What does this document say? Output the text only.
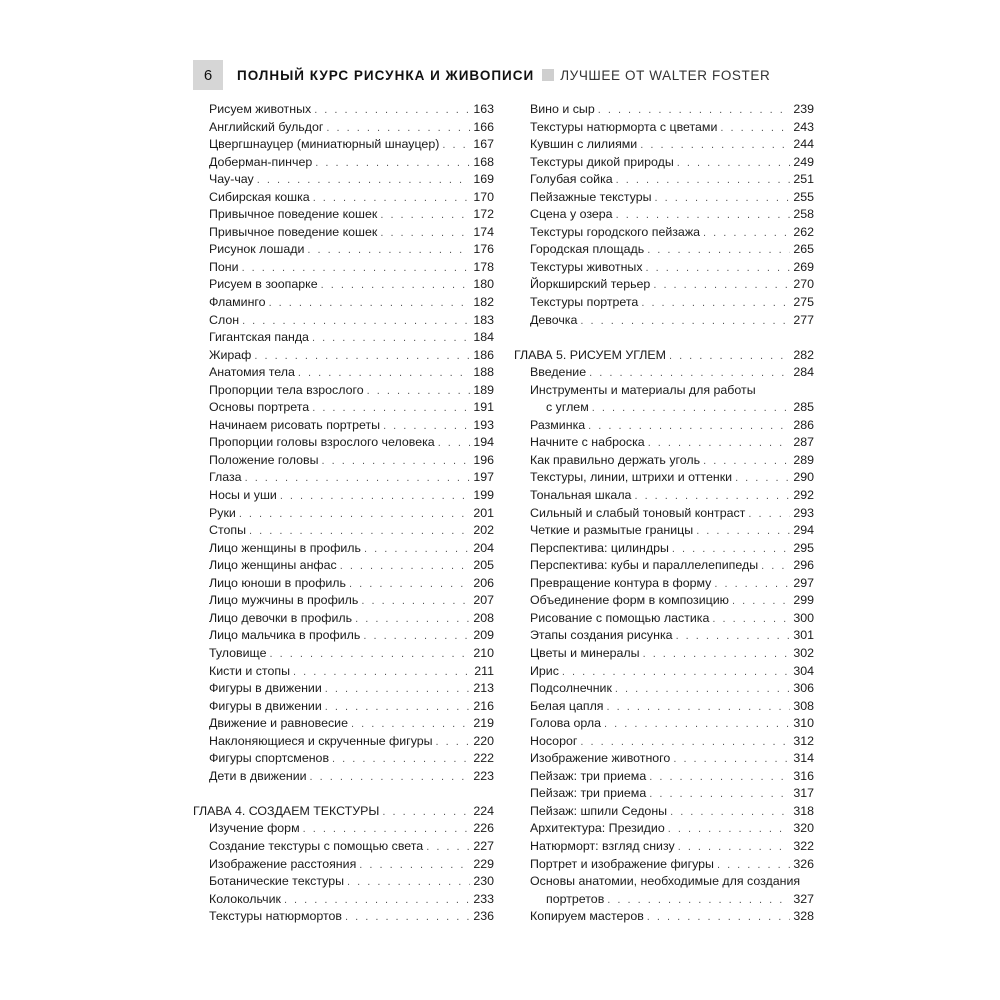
6	ПОЛНЫЙ КУРС РИСУНКА И ЖИВОПИСИ ЛУЧШЕЕ ОТ WALTER FOSTER
Рисуем животных . . .	163
Английский бульдог . . .	166
Цвергшнауцер (миниатюрный шнауцер) . . .	167
Доберман-пинчер . . .	168
Чау-чау . . .	169
Сибирская кошка . . .	170
Привычное поведение кошек . . .	172
Привычное поведение кошек . . .	174
Рисунок лошади . . .	176
Пони . . .	178
Рисуем в зоопарке . . .	180
Фламинго . . .	182
Слон . . .	183
Гигантская панда . . .	184
Жираф . . .	186
Анатомия тела . . .	188
Пропорции тела взрослого . . .	189
Основы портрета . . .	191
Начинаем рисовать портреты . . .	193
Пропорции головы взрослого человека . . .	194
Положение головы . . .	196
Глаза . . .	197
Носы и уши . . .	199
Руки . . .	201
Стопы . . .	202
Лицо женщины в профиль . . .	204
Лицо женщины анфас . . .	205
Лицо юноши в профиль . . .	206
Лицо мужчины в профиль . . .	207
Лицо девочки в профиль . . .	208
Лицо мальчика в профиль . . .	209
Туловище . . .	210
Кисти и стопы . . .	211
Фигуры в движении . . .	213
Фигуры в движении . . .	216
Движение и равновесие . . .	219
Наклоняющиеся и скрученные фигуры . . .	220
Фигуры спортсменов . . .	222
Дети в движении . . .	223
ГЛАВА 4. СОЗДАЕМ ТЕКСТУРЫ . . .	224
Изучение форм . . .	226
Создание текстуры с помощью света . . .	227
Изображение расстояния . . .	229
Ботанические текстуры . . .	230
Колокольчик . . .	233
Текстуры натюрмортов . . .	236
Вино и сыр . . .	239
Текстуры натюрморта с цветами . . .	243
Кувшин с лилиями . . .	244
Текстуры дикой природы . . .	249
Голубая сойка . . .	251
Пейзажные текстуры . . .	255
Сцена у озера . . .	258
Текстуры городского пейзажа . . .	262
Городская площадь . . .	265
Текстуры животных . . .	269
Йоркширский терьер . . .	270
Текстуры портрета . . .	275
Девочка . . .	277
ГЛАВА 5. РИСУЕМ УГЛЕМ . . .	282
Введение . . .	284
Инструменты и материалы для работы
с углем . . .	285
Разминка . . .	286
Начните с наброска . . .	287
Как правильно держать уголь . . .	289
Текстуры, линии, штрихи и оттенки . . .	290
Тональная шкала . . .	292
Сильный и слабый тоновый контраст . . .	293
Четкие и размытые границы . . .	294
Перспектива: цилиндры . . .	295
Перспектива: кубы и параллелепипеды . . .	296
Превращение контура в форму . . .	297
Объединение форм в композицию . . .	299
Рисование с помощью ластика . . .	300
Этапы создания рисунка . . .	301
Цветы и минералы . . .	302
Ирис . . .	304
Подсолнечник . . .	306
Белая цапля . . .	308
Голова орла . . .	310
Носорог . . .	312
Изображение животного . . .	314
Пейзаж: три приема . . .	316
Пейзаж: три приема . . .	317
Пейзаж: шпили Седоны . . .	318
Архитектура: Президио . . .	320
Натюрморт: взгляд снизу . . .	322
Портрет и изображение фигуры . . .	326
Основы анатомии, необходимые для создания
портретов . . .	327
Копируем мастеров . . .	328
